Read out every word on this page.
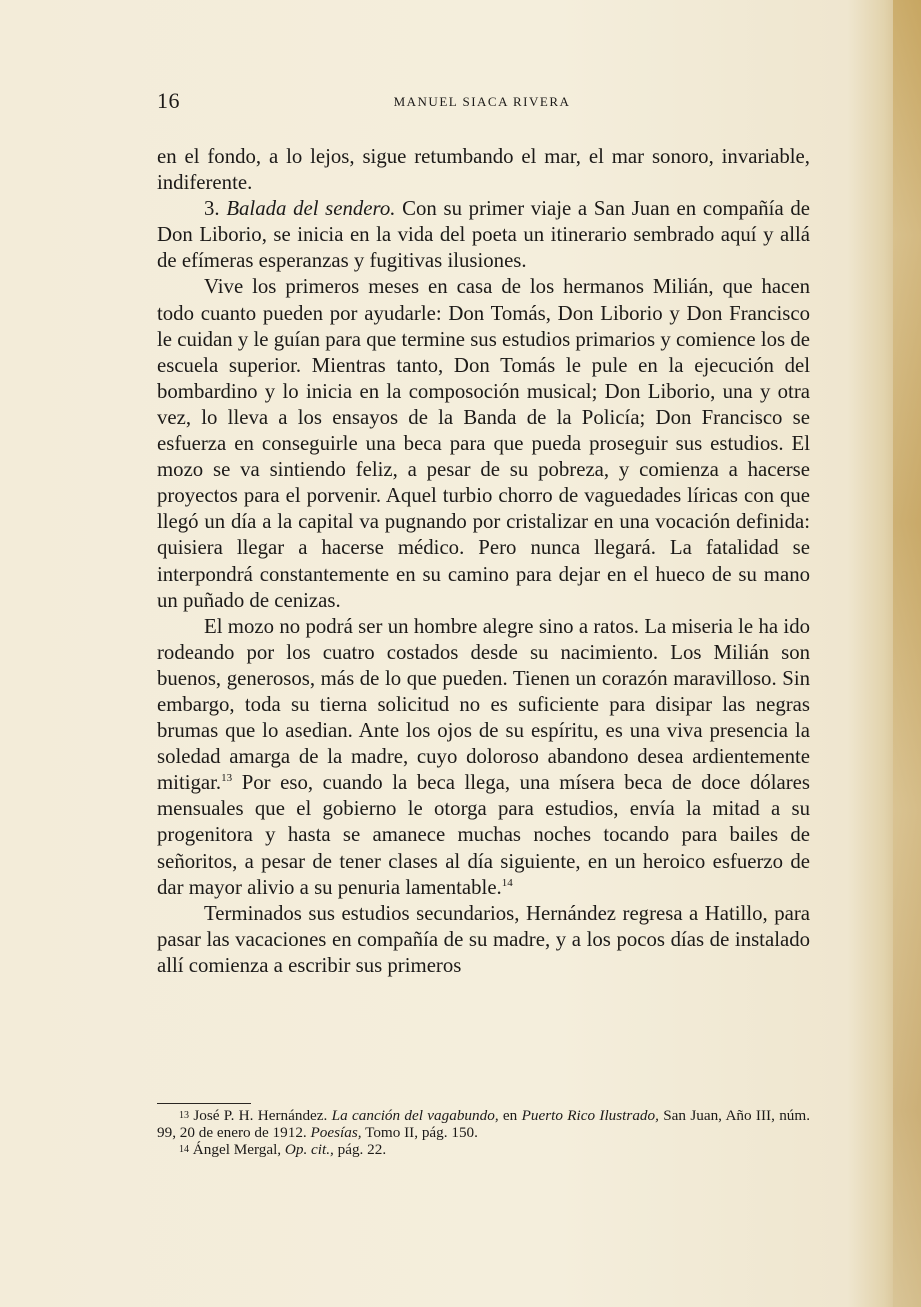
16	MANUEL SIACA RIVERA

en el fondo, a lo lejos, sigue retumbando el mar, el mar sonoro, invariable, indiferente.

3. Balada del sendero. Con su primer viaje a San Juan en compañía de Don Liborio, se inicia en la vida del poeta un itinerario sembrado aquí y allá de efímeras esperanzas y fugitivas ilusiones.

Vive los primeros meses en casa de los hermanos Milián, que hacen todo cuanto pueden por ayudarle: Don Tomás, Don Liborio y Don Francisco le cuidan y le guían para que termine sus estudios primarios y comience los de escuela superior. Mientras tanto, Don Tomás le pule en la ejecución del bombardino y lo inicia en la composoción musical; Don Liborio, una y otra vez, lo lleva a los ensayos de la Banda de la Policía; Don Francisco se esfuerza en conseguirle una beca para que pueda proseguir sus estudios. El mozo se va sintiendo feliz, a pesar de su pobreza, y comienza a hacerse proyectos para el porvenir. Aquel turbio chorro de vaguedades líricas con que llegó un día a la capital va pugnando por cristalizar en una vocación definida: quisiera llegar a hacerse médico. Pero nunca llegará. La fatalidad se interpondrá constantemente en su camino para dejar en el hueco de su mano un puñado de cenizas.

El mozo no podrá ser un hombre alegre sino a ratos. La miseria le ha ido rodeando por los cuatro costados desde su nacimiento. Los Milián son buenos, generosos, más de lo que pueden. Tienen un corazón maravilloso. Sin embargo, toda su tierna solicitud no es suficiente para disipar las negras brumas que lo asedian. Ante los ojos de su espíritu, es una viva presencia la soledad amarga de la madre, cuyo doloroso abandono desea ardientemente mitigar.$^{13}$ Por eso, cuando la beca llega, una mísera beca de doce dólares mensuales que el gobierno le otorga para estudios, envía la mitad a su progenitora y hasta se amanece muchas noches tocando para bailes de señoritos, a pesar de tener clases al día siguiente, en un heroico esfuerzo de dar mayor alivio a su penuria lamentable.$^{14}$

Terminados sus estudios secundarios, Hernández regresa a Hatillo, para pasar las vacaciones en compañía de su madre, y a los pocos días de instalado allí comienza a escribir sus primeros

13 José P. H. Hernández. La canción del vagabundo, en Puerto Rico Ilustrado, San Juan, Año III, núm. 99, 20 de enero de 1912. Poesías, Tomo II, pág. 150.

14 Ángel Mergal, Op. cit., pág. 22.
